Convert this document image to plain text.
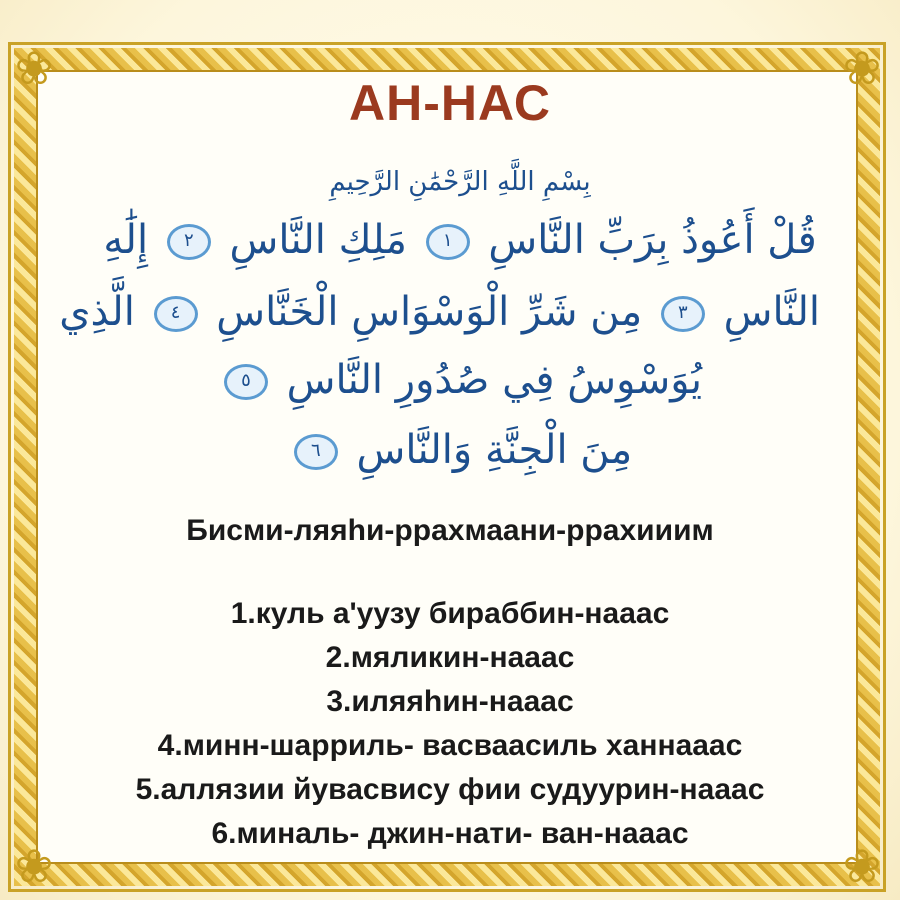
❀	❀
❀	❀
АН-НАС
بِسْمِ اللَّهِ الرَّحْمَٰنِ الرَّحِيمِ
قُلْ أَعُوذُ بِرَبِّ النَّاسِ ١ مَلِكِ النَّاسِ ٢ إِلَٰهِ
النَّاسِ ٣ مِن شَرِّ الْوَسْوَاسِ الْخَنَّاسِ ٤ الَّذِي
يُوَسْوِسُ فِي صُدُورِ النَّاسِ ٥
مِنَ الْجِنَّةِ وَالنَّاسِ ٦
Бисми-ляяhи-ррахмаани-ррахииим
1.куль а'уузу бираббин-нааас
2.мяликин-нааас
3.иляяhин-нааас
4.минн-шарриль- васваасиль ханнааас
5.аллязии йувасвису фии судуурин-нааас
6.миналь- джин-нати- ван-нааас
